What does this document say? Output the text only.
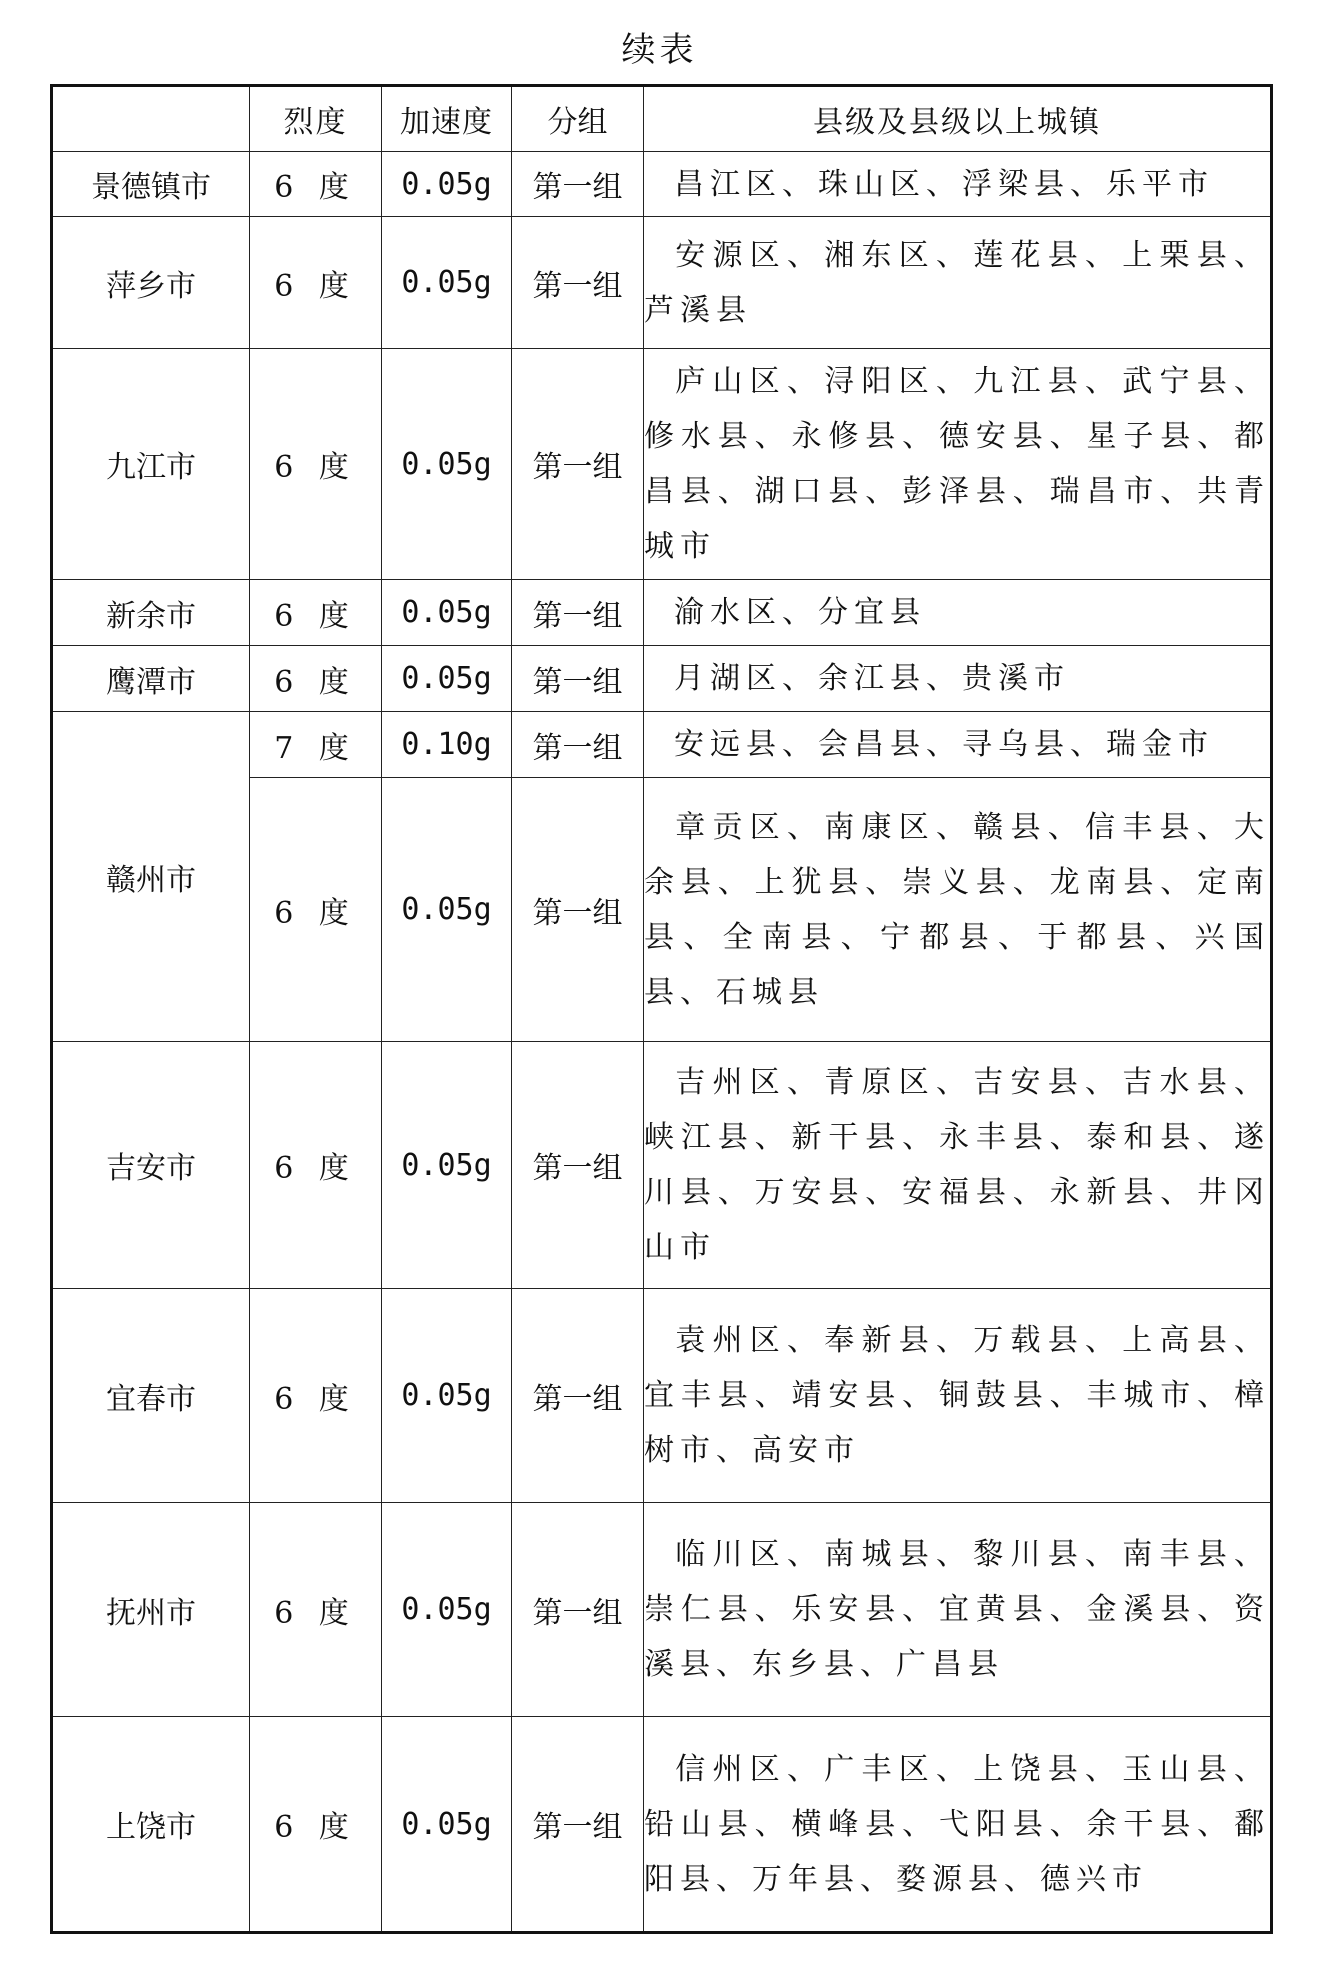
续表
	烈度	加速度	分组	县级及县级以上城镇
景德镇市	6 度	0.05g	第一组	昌江区、珠山区、浮梁县、乐平市
萍乡市	6 度	0.05g	第一组	安源区、湘东区、莲花县、上栗县、芦溪县
九江市	6 度	0.05g	第一组	庐山区、浔阳区、九江县、武宁县、修水县、永修县、德安县、星子县、都昌县、湖口县、彭泽县、瑞昌市、共青城市
新余市	6 度	0.05g	第一组	渝水区、分宜县
鹰潭市	6 度	0.05g	第一组	月湖区、余江县、贵溪市
赣州市	7 度	0.10g	第一组	安远县、会昌县、寻乌县、瑞金市
	6 度	0.05g	第一组	章贡区、南康区、赣县、信丰县、大余县、上犹县、崇义县、龙南县、定南县、全南县、宁都县、于都县、兴国县、石城县
吉安市	6 度	0.05g	第一组	吉州区、青原区、吉安县、吉水县、峡江县、新干县、永丰县、泰和县、遂川县、万安县、安福县、永新县、井冈山市
宜春市	6 度	0.05g	第一组	袁州区、奉新县、万载县、上高县、宜丰县、靖安县、铜鼓县、丰城市、樟树市、高安市
抚州市	6 度	0.05g	第一组	临川区、南城县、黎川县、南丰县、崇仁县、乐安县、宜黄县、金溪县、资溪县、东乡县、广昌县
上饶市	6 度	0.05g	第一组	信州区、广丰区、上饶县、玉山县、铅山县、横峰县、弋阳县、余干县、鄱阳县、万年县、婺源县、德兴市
